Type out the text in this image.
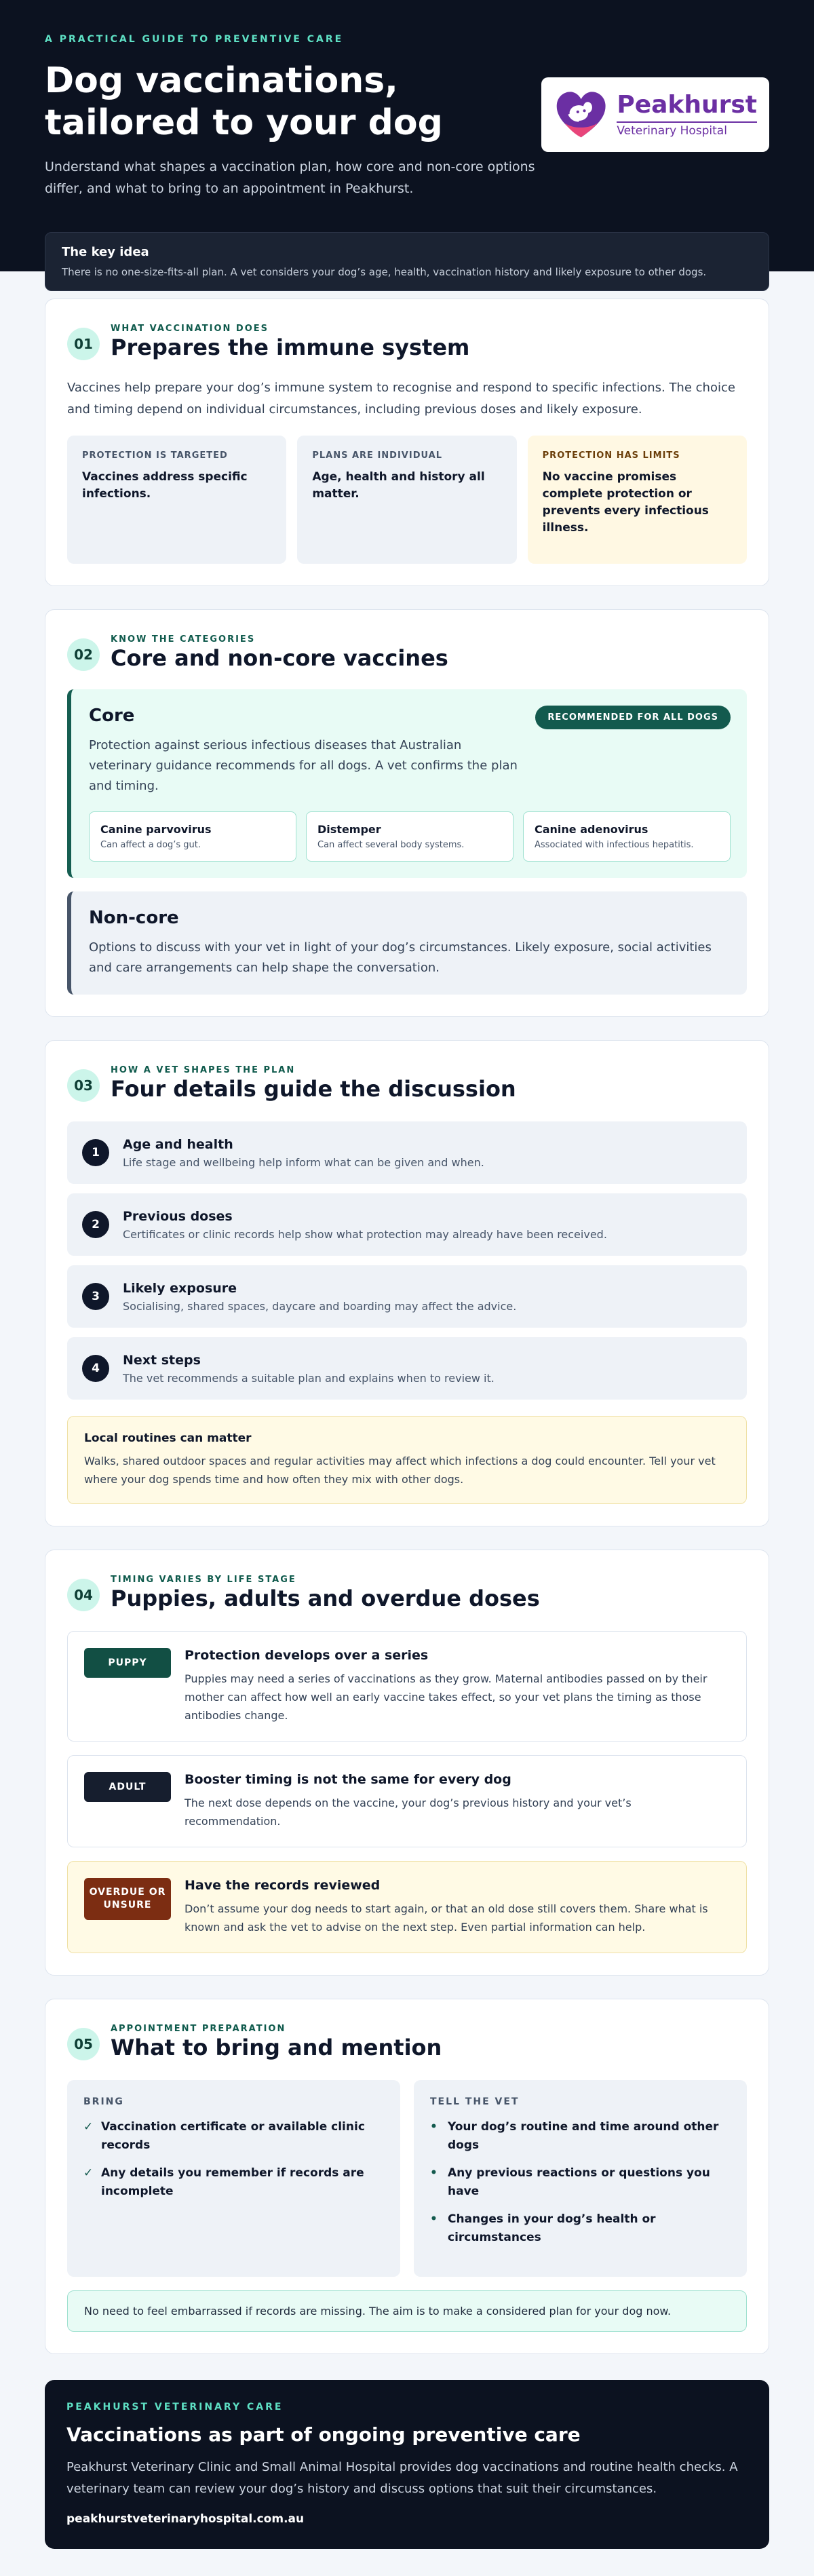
A PRACTICAL GUIDE TO PREVENTIVE CARE
Dog vaccinations, tailored to your dog

Understand what shapes a vaccination plan, how core and non-core options differ, and what to bring to an appointment in Peakhurst.

Peakhurst
Veterinary Hospital
The key idea
There is no one-size-fits-all plan. A vet considers your dog’s age, health, vaccination history and likely exposure to other dogs.
01
WHAT VACCINATION DOES
Prepares the immune system

Vaccines help prepare your dog’s immune system to recognise and respond to specific infections. The choice and timing depend on individual circumstances, including previous doses and likely exposure.

PROTECTION IS TARGETED
Vaccines address specific infections.
PLANS ARE INDIVIDUAL
Age, health and history all matter.
PROTECTION HAS LIMITS
No vaccine promises complete protection or prevents every infectious illness.
02
KNOW THE CATEGORIES
Core and non-core vaccines
Core	RECOMMENDED FOR ALL DOGS

Protection against serious infectious diseases that Australian veterinary guidance recommends for all dogs. A vet confirms the plan and timing.

Canine parvovirus
Can affect a dog’s gut.
Distemper
Can affect several body systems.
Canine adenovirus
Associated with infectious hepatitis.
Non-core

Options to discuss with your vet in light of your dog’s circumstances. Likely exposure, social activities and care arrangements can help shape the conversation.

03
HOW A VET SHAPES THE PLAN
Four details guide the discussion
1
Age and health
Life stage and wellbeing help inform what can be given and when.
2
Previous doses
Certificates or clinic records help show what protection may already have been received.
3
Likely exposure
Socialising, shared spaces, daycare and boarding may affect the advice.
4
Next steps
The vet recommends a suitable plan and explains when to review it.
Local routines can matter
Walks, shared outdoor spaces and regular activities may affect which infections a dog could encounter. Tell your vet where your dog spends time and how often they mix with other dogs.
04
TIMING VARIES BY LIFE STAGE
Puppies, adults and overdue doses
PUPPY	Protection develops over a series
Puppies may need a series of vaccinations as they grow. Maternal antibodies passed on by their mother can affect how well an early vaccine takes effect, so your vet plans the timing as those antibodies change.
ADULT	Booster timing is not the same for every dog
The next dose depends on the vaccine, your dog’s previous history and your vet’s recommendation.
OVERDUE OR UNSURE
Have the records reviewed
Don’t assume your dog needs to start again, or that an old dose still covers them. Share what is known and ask the vet to advise on the next step. Even partial information can help.
05
APPOINTMENT PREPARATION
What to bring and mention
BRING
✓ Vaccination certificate or available clinic records
✓ Any details you remember if records are incomplete
TELL THE VET
• Your dog’s routine and time around other dogs
• Any previous reactions or questions you have
• Changes in your dog’s health or circumstances
No need to feel embarrassed if records are missing. The aim is to make a considered plan for your dog now.
PEAKHURST VETERINARY CARE
Vaccinations as part of ongoing preventive care

Peakhurst Veterinary Clinic and Small Animal Hospital provides dog vaccinations and routine health checks. A veterinary team can review your dog’s history and discuss options that suit their circumstances.

peakhurstveterinaryhospital.com.au
